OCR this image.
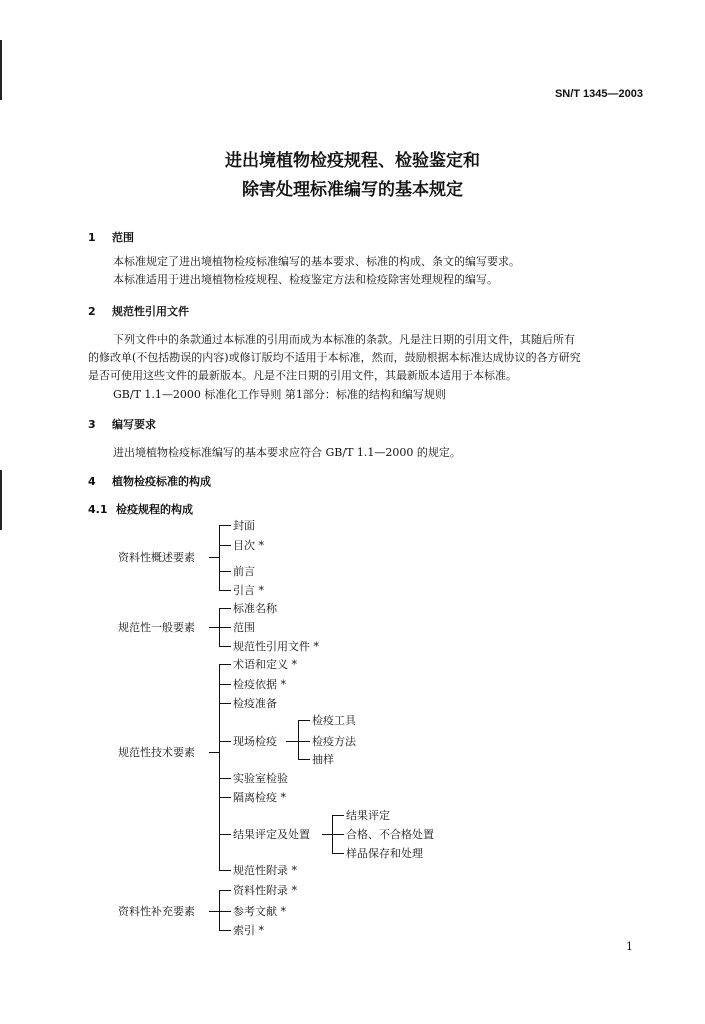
SN/T 1345—2003
进出境植物检疫规程、检验鉴定和
除害处理标准编写的基本规定
1 范围
本标准规定了进出境植物检疫标准编写的基本要求、标准的构成、条文的编写要求。
本标准适用于进出境植物检疫规程、检疫鉴定方法和检疫除害处理规程的编写。
2 规范性引用文件
下列文件中的条款通过本标准的引用而成为本标准的条款。凡是注日期的引用文件，其随后所有
的修改单(不包括勘误的内容)或修订版均不适用于本标准，然而，鼓励根据本标准达成协议的各方研究
是否可使用这些文件的最新版本。凡是不注日期的引用文件，其最新版本适用于本标准。
GB/T 1.1—2000 标准化工作导则 第1部分：标准的结构和编写规则
3 编写要求
进出境植物检疫标准编写的基本要求应符合 GB/T 1.1—2000 的规定。
4 植物检疫标准的构成
4.1 检疫规程的构成
资料性概述要素
封面
目次 *
前言
引言 *
规范性一般要素
标准名称
范围
规范性引用文件 *
规范性技术要素
术语和定义 *
检疫依据 *
检疫准备
现场检疫
实验室检验
隔离检疫 *
结果评定及处置
规范性附录 *
检疫工具
检疫方法
抽样
结果评定
合格、不合格处置
样品保存和处理
资料性补充要素
资料性附录 *
参考文献 *
索引 *
1
